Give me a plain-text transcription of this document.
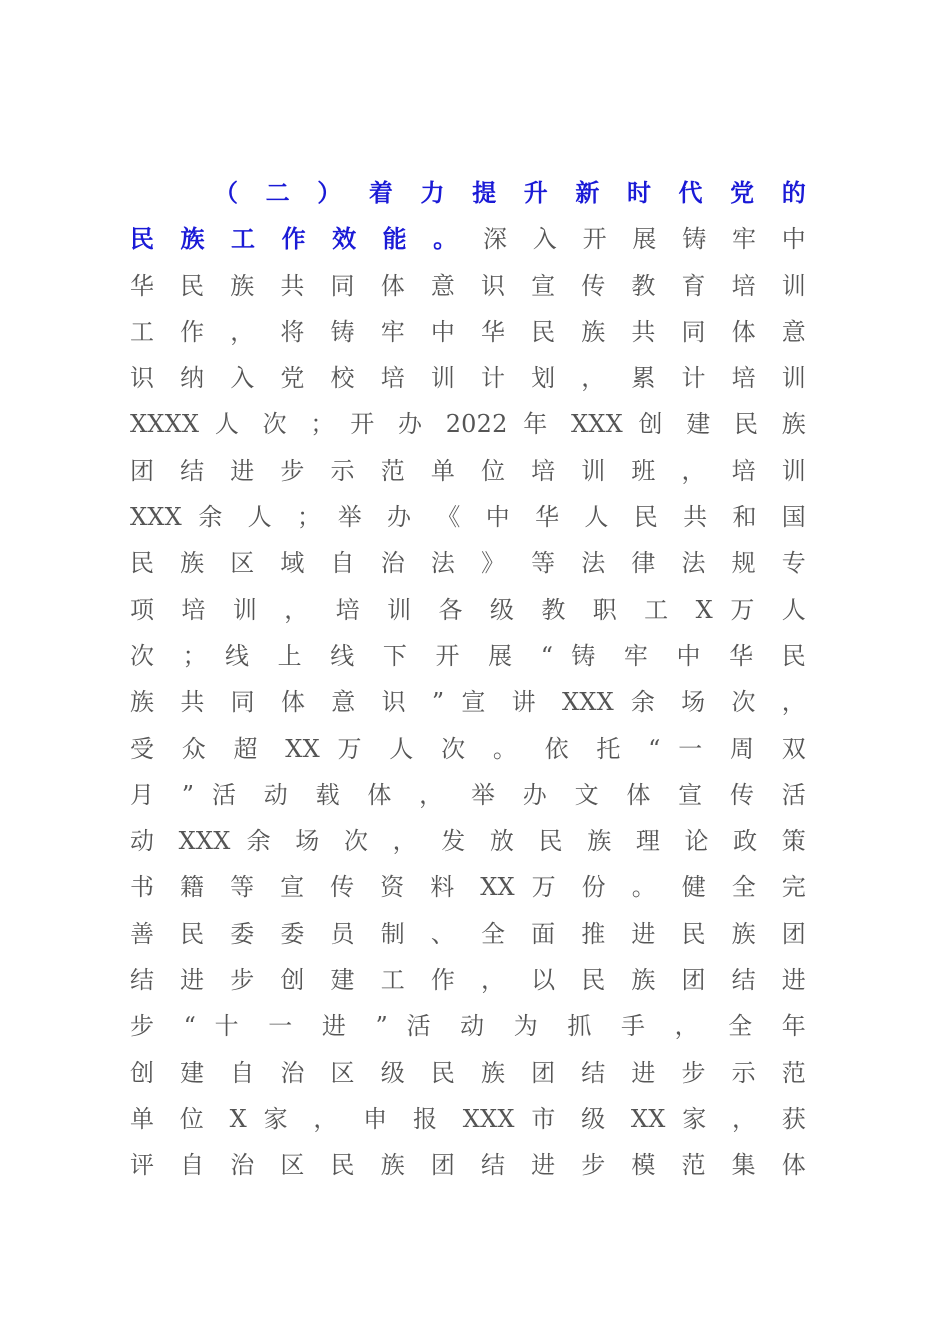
（ 二 ） 着 力 提 升 新 时 代 党 的
民 族 工 作 效 能 。 深 入 开 展 铸 牢 中
华 民 族 共 同 体 意 识 宣 传 教 育 培 训
工 作 ， 将 铸 牢 中 华 民 族 共 同 体 意
识 纳 入 党 校 培 训 计 划 ， 累 计 培 训
XXXX 人 次 ； 开 办 2022 年 XXX 创 建 民 族
团 结 进 步 示 范 单 位 培 训 班 ， 培 训
XXX 余 人 ； 举 办 《 中 华 人 民 共 和 国
民 族 区 域 自 治 法 》 等 法 律 法 规 专
项 培 训 ， 培 训 各 级 教 职 工 X 万 人
次 ； 线 上 线 下 开 展 “ 铸 牢 中 华 民
族 共 同 体 意 识 ” 宣 讲 XXX 余 场 次 ，
受 众 超 XX 万 人 次 。 依 托 “ 一 周 双
月 ” 活 动 载 体 ， 举 办 文 体 宣 传 活
动 XXX 余 场 次 ， 发 放 民 族 理 论 政 策
书 籍 等 宣 传 资 料 XX 万 份 。 健 全 完
善 民 委 委 员 制 、 全 面 推 进 民 族 团
结 进 步 创 建 工 作 ， 以 民 族 团 结 进
步 “ 十 一 进 ” 活 动 为 抓 手 ， 全 年
创 建 自 治 区 级 民 族 团 结 进 步 示 范
单 位 X 家 ， 申 报 XXX 市 级 XX 家 ， 获
评 自 治 区 民 族 团 结 进 步 模 范 集 体
